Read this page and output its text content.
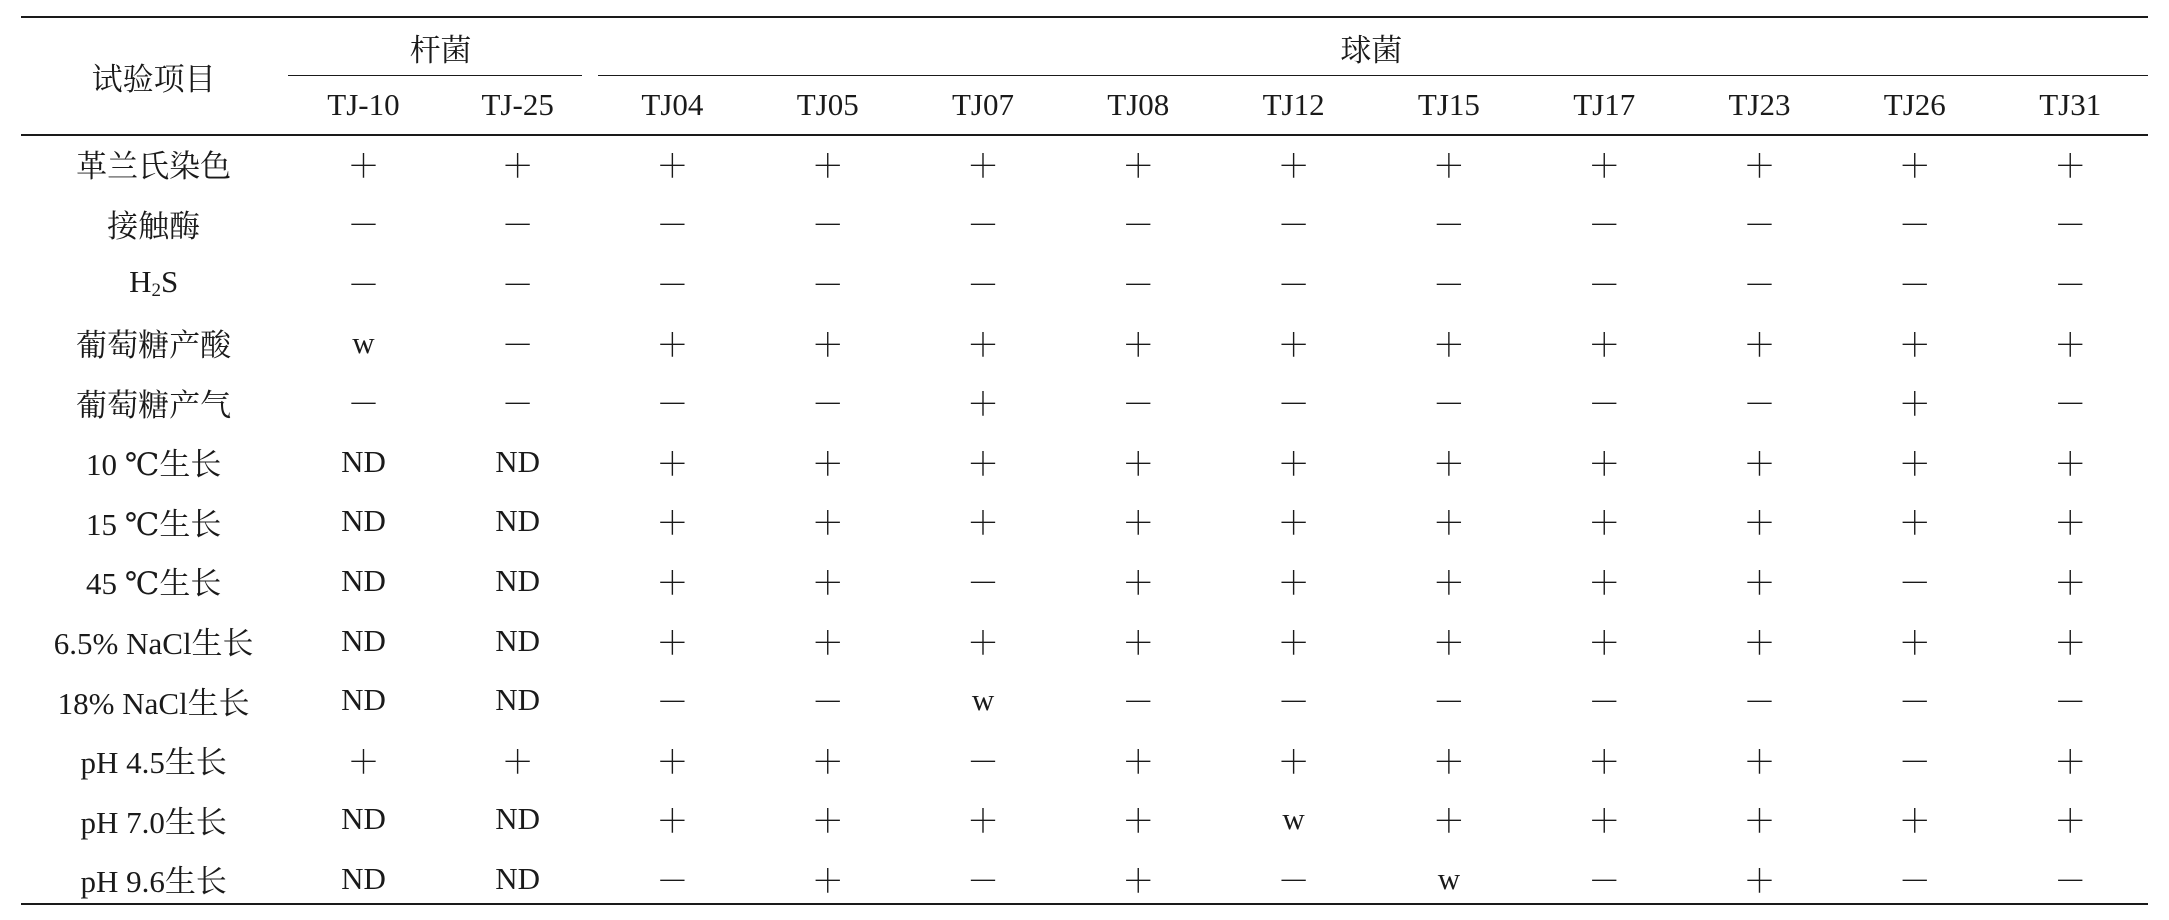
试验项目	杆菌		球菌									
	TJ-10	TJ-25	TJ04	TJ05	TJ07	TJ08	TJ12	TJ15	TJ17	TJ23	TJ26	TJ31
革兰氏染色	＋	＋	＋	＋	＋	＋	＋	＋	＋	＋	＋	＋
接触酶	－	－	－	－	－	－	－	－	－	－	－	－
$H_2S$	－	－	－	－	－	－	－	－	－	－	－	－
葡萄糖产酸	w	－	＋	＋	＋	＋	＋	＋	＋	＋	＋	＋
葡萄糖产气	－	－	－	－	＋	－	－	－	－	－	＋	－
10 ℃生长	ND	ND	＋	＋	＋	＋	＋	＋	＋	＋	＋	＋
15 ℃生长	ND	ND	＋	＋	＋	＋	＋	＋	＋	＋	＋	＋
45 ℃生长	ND	ND	＋	＋	－	＋	＋	＋	＋	＋	－	＋
6.5% NaCl生长	ND	ND	＋	＋	＋	＋	＋	＋	＋	＋	＋	＋
18% NaCl生长	ND	ND	－	－	w	－	－	－	－	－	－	－
pH 4.5生长	＋	＋	＋	＋	－	＋	＋	＋	＋	＋	－	＋
pH 7.0生长	ND	ND	＋	＋	＋	＋	w	＋	＋	＋	＋	＋
pH 9.6生长	ND	ND	－	＋	－	＋	－	w	－	＋	－	－
